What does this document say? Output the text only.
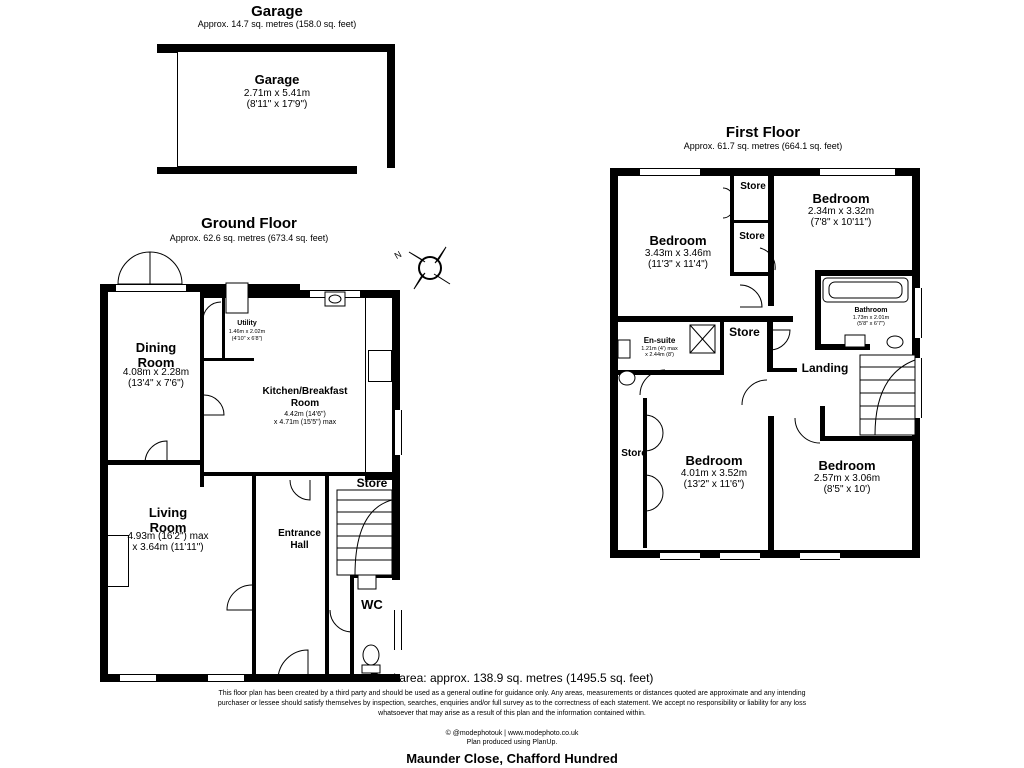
Garage
Approx. 14.7 sq. metres (158.0 sq. feet)
Garage
2.71m x 5.41m
(8'11" x 17'9")
Ground Floor
Approx. 62.6 sq. metres (673.4 sq. feet)
N
Dining
Room
4.08m x 2.28m
(13'4" x 7'6")
Utility
1.46m x 2.02m
(4'10" x 6'8")
Kitchen/Breakfast
Room
4.42m (14'6")
x 4.71m (15'5") max
Living
Room
4.93m (16'2") max
x 3.64m (11'11")
Entrance
Hall
Store
WC
First Floor
Approx. 61.7 sq. metres (664.1 sq. feet)
Bedroom
3.43m x 3.46m
(11'3" x 11'4")
Bedroom
2.34m x 3.32m
(7'8" x 10'11")
Store
Store
Bathroom
1.73m x 2.01m
(5'8" x 6'7")
Store
En-suite
1.21m (4') max
x 2.44m (8')
Landing
Store	Bedroom
4.01m x 3.52m
(13'2" x 11'6")
Bedroom
2.57m x 3.06m
(8'5" x 10')
Total area: approx. 138.9 sq. metres (1495.5 sq. feet)
This floor plan has been created by a third party and should be used as a general outline for guidance only. Any areas, measurements or distances quoted are approximate and any intending
purchaser or lessee should satisfy themselves by inspection, searches, enquiries and/or full survey as to the correctness of each statement. We accept no responsibility or liability for any loss
whatsoever that may arise as a result of this plan and the information contained within.
© @modephotouk | www.modephoto.co.uk
Plan produced using PlanUp.
Maunder Close, Chafford Hundred
